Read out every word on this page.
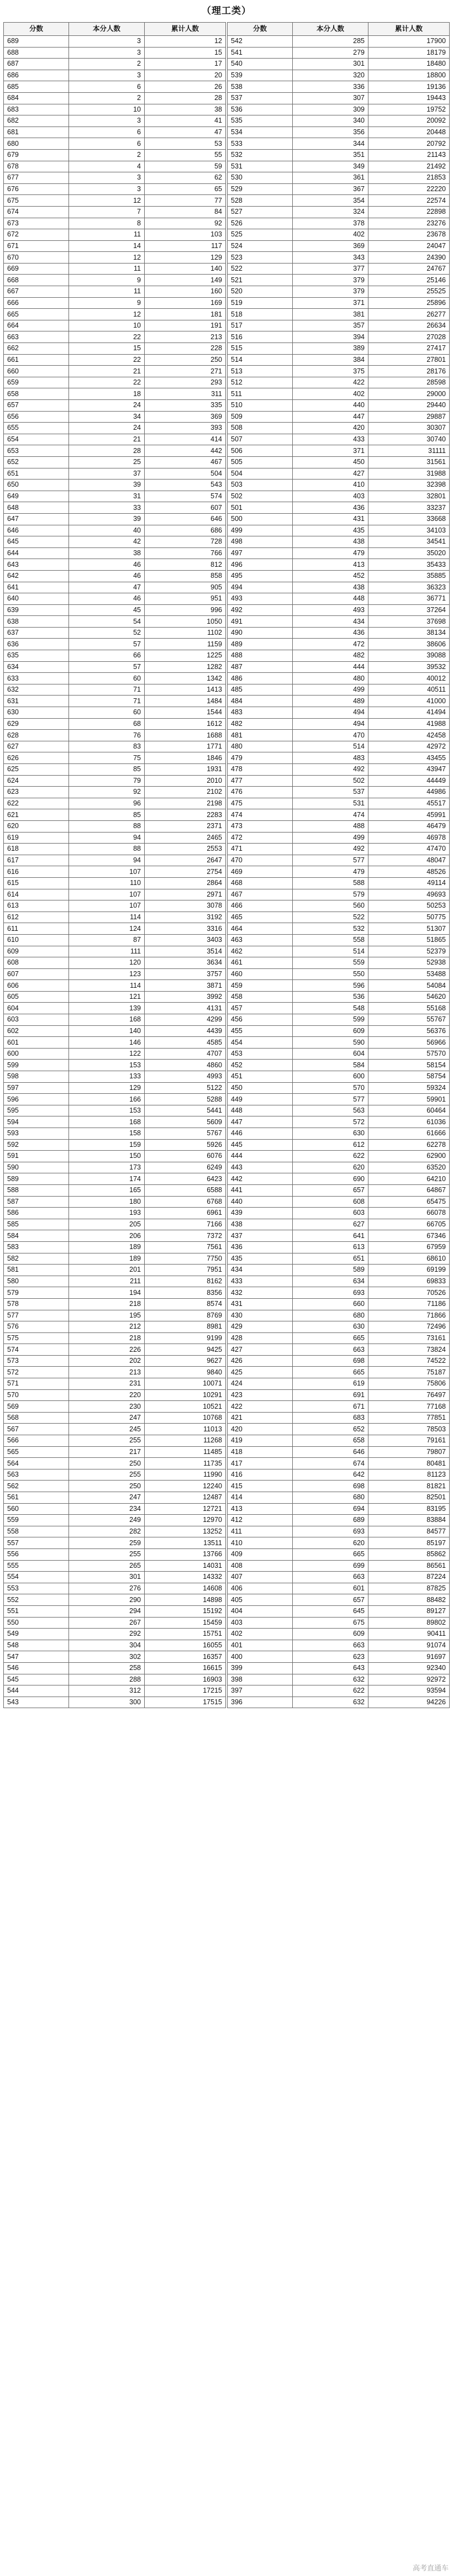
（理工类）
分数	本分人数	累计人数
689	3	12
688	3	15
687	2	17
686	3	20
685	6	26
684	2	28
683	10	38
682	3	41
681	6	47
680	6	53
679	2	55
678	4	59
677	3	62
676	3	65
675	12	77
674	7	84
673	8	92
672	11	103
671	14	117
670	12	129
669	11	140
668	9	149
667	11	160
666	9	169
665	12	181
664	10	191
663	22	213
662	15	228
661	22	250
660	21	271
659	22	293
658	18	311
657	24	335
656	34	369
655	24	393
654	21	414
653	28	442
652	25	467
651	37	504
650	39	543
649	31	574
648	33	607
647	39	646
646	40	686
645	42	728
644	38	766
643	46	812
642	46	858
641	47	905
640	46	951
639	45	996
638	54	1050
637	52	1102
636	57	1159
635	66	1225
634	57	1282
633	60	1342
632	71	1413
631	71	1484
630	60	1544
629	68	1612
628	76	1688
627	83	1771
626	75	1846
625	85	1931
624	79	2010
623	92	2102
622	96	2198
621	85	2283
620	88	2371
619	94	2465
618	88	2553
617	94	2647
616	107	2754
615	110	2864
614	107	2971
613	107	3078
612	114	3192
611	124	3316
610	87	3403
609	111	3514
608	120	3634
607	123	3757
606	114	3871
605	121	3992
604	139	4131
603	168	4299
602	140	4439
601	146	4585
600	122	4707
599	153	4860
598	133	4993
597	129	5122
596	166	5288
595	153	5441
594	168	5609
593	158	5767
592	159	5926
591	150	6076
590	173	6249
589	174	6423
588	165	6588
587	180	6768
586	193	6961
585	205	7166
584	206	7372
583	189	7561
582	189	7750
581	201	7951
580	211	8162
579	194	8356
578	218	8574
577	195	8769
576	212	8981
575	218	9199
574	226	9425
573	202	9627
572	213	9840
571	231	10071
570	220	10291
569	230	10521
568	247	10768
567	245	11013
566	255	11268
565	217	11485
564	250	11735
563	255	11990
562	250	12240
561	247	12487
560	234	12721
559	249	12970
558	282	13252
557	259	13511
556	255	13766
555	265	14031
554	301	14332
553	276	14608
552	290	14898
551	294	15192
550	267	15459
549	292	15751
548	304	16055
547	302	16357
546	258	16615
545	288	16903
544	312	17215
543	300	17515
分数	本分人数	累计人数
542	285	17900
541	279	18179
540	301	18480
539	320	18800
538	336	19136
537	307	19443
536	309	19752
535	340	20092
534	356	20448
533	344	20792
532	351	21143
531	349	21492
530	361	21853
529	367	22220
528	354	22574
527	324	22898
526	378	23276
525	402	23678
524	369	24047
523	343	24390
522	377	24767
521	379	25146
520	379	25525
519	371	25896
518	381	26277
517	357	26634
516	394	27028
515	389	27417
514	384	27801
513	375	28176
512	422	28598
511	402	29000
510	440	29440
509	447	29887
508	420	30307
507	433	30740
506	371	31111
505	450	31561
504	427	31988
503	410	32398
502	403	32801
501	436	33237
500	431	33668
499	435	34103
498	438	34541
497	479	35020
496	413	35433
495	452	35885
494	438	36323
493	448	36771
492	493	37264
491	434	37698
490	436	38134
489	472	38606
488	482	39088
487	444	39532
486	480	40012
485	499	40511
484	489	41000
483	494	41494
482	494	41988
481	470	42458
480	514	42972
479	483	43455
478	492	43947
477	502	44449
476	537	44986
475	531	45517
474	474	45991
473	488	46479
472	499	46978
471	492	47470
470	577	48047
469	479	48526
468	588	49114
467	579	49693
466	560	50253
465	522	50775
464	532	51307
463	558	51865
462	514	52379
461	559	52938
460	550	53488
459	596	54084
458	536	54620
457	548	55168
456	599	55767
455	609	56376
454	590	56966
453	604	57570
452	584	58154
451	600	58754
450	570	59324
449	577	59901
448	563	60464
447	572	61036
446	630	61666
445	612	62278
444	622	62900
443	620	63520
442	690	64210
441	657	64867
440	608	65475
439	603	66078
438	627	66705
437	641	67346
436	613	67959
435	651	68610
434	589	69199
433	634	69833
432	693	70526
431	660	71186
430	680	71866
429	630	72496
428	665	73161
427	663	73824
426	698	74522
425	665	75187
424	619	75806
423	691	76497
422	671	77168
421	683	77851
420	652	78503
419	658	79161
418	646	79807
417	674	80481
416	642	81123
415	698	81821
414	680	82501
413	694	83195
412	689	83884
411	693	84577
410	620	85197
409	665	85862
408	699	86561
407	663	87224
406	601	87825
405	657	88482
404	645	89127
403	675	89802
402	609	90411
401	663	91074
400	623	91697
399	643	92340
398	632	92972
397	622	93594
396	632	94226
高考直通车
